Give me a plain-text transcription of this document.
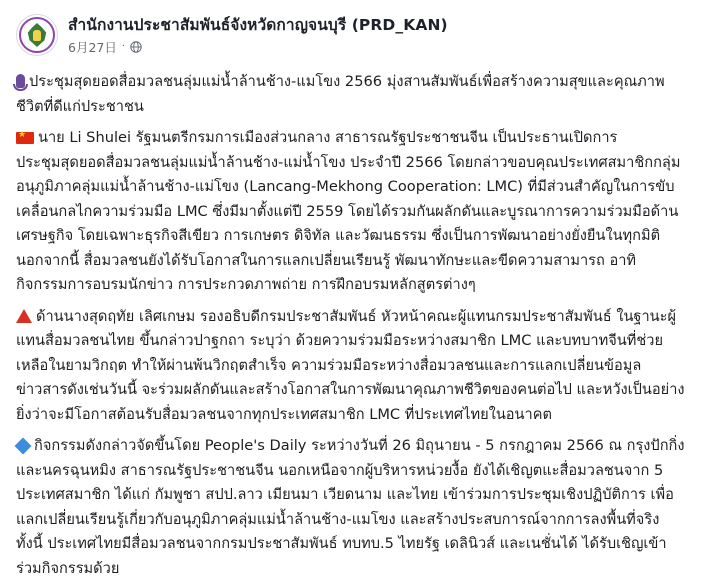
สำนักงานประชาสัมพันธ์จังหวัดกาญจนบุรี (PRD_KAN)
6月27日 ·

ประชุมสุดยอดสื่อมวลชนลุ่มแม่น้ำล้านช้าง-แมโขง 2566 มุ่งสานสัมพันธ์เพื่อสร้างความสุขและคุณภาพชีวิตที่ดีแก่ประชาชน

★นาย Li Shulei รัฐมนตรีกรมการเมืองส่วนกลาง สาธารณรัฐประชาชนจีน เป็นประธานเปิดการประชุมสุดยอดสื่อมวลชนลุ่มแม่น้ำล้านช้าง-แม่น้ำโขง ประจำปี 2566 โดยกล่าวขอบคุณประเทศสมาชิกกลุ่มอนุภูมิภาคลุ่มแม่น้ำล้านช้าง-แม่โขง (Lancang-Mekhong Cooperation: LMC) ที่มีส่วนสำคัญในการขับเคลื่อนกลไกความร่วมมือ LMC ซึ่งมีมาตั้งแต่ปี 2559 โดยได้รวมกันผลักดันและบูรณาการความร่วมมือด้านเศรษฐกิจ โดยเฉพาะธุรกิจสีเขียว การเกษตร ดิจิทัล และวัฒนธรรม ซึ่งเป็นการพัฒนาอย่างยั่งยืนในทุกมิติ นอกจากนี้ สื่อมวลชนยังได้รับโอกาสในการแลกเปลี่ยนเรียนรู้ พัฒนาทักษะและขีดความสามารถ อาทิ กิจกรรมการอบรมนักข่าว การประกวดภาพถ่าย การฝึกอบรมหลักสูตรต่างๆ

ด้านนางสุดฤทัย เลิศเกษม รองอธิบดีกรมประชาสัมพันธ์ หัวหน้าคณะผู้แทนกรมประชาสัมพันธ์ ในฐานะผู้แทนสื่อมวลชนไทย ขึ้นกล่าวปาฐกถา ระบุว่า ด้วยความร่วมมือระหว่างสมาชิก LMC และบทบาทจีนที่ช่วยเหลือในยามวิกฤต ทำให้ผ่านพ้นวิกฤตสำเร็จ ความร่วมมือระหว่างสื่อมวลชนและการแลกเปลี่ยนข้อมูลข่าวสารดังเช่นวันนี้ จะร่วมผลักดันและสร้างโอกาสในการพัฒนาคุณภาพชีวิตของคนต่อไป และหวังเป็นอย่างยิ่งว่าจะมีโอกาสต้อนรับสื่อมวลชนจากทุกประเทศสมาชิก LMC ที่ประเทศไทยในอนาคต

กิจกรรมดังกล่าวจัดขึ้นโดย People's Daily ระหว่างวันที่ 26 มิถุนายน - 5 กรกฎาคม 2566 ณ กรุงปักกิ่ง และนครฉุนหมิง สาธารณรัฐประชาชนจีน นอกเหนือจากผู้บริหารหน่วยงื้อ ยังได้เชิญตแะสื่อมวลชนจาก 5 ประเทศสมาชิก ได้แก่ กัมพูชา สปป.ลาว เมียนมา เวียดนาม และไทย เข้าร่วมการประชุมเชิงปฏิบัติการ เพื่อแลกเปลี่ยนเรียนรู้เกี่ยวกับอนุภูมิภาคลุ่มแม่น้ำล้านช้าง-แมโขง และสร้างประสบการณ์จากการลงพื้นที่จริง ทั้งนี้ ประเทศไทยมีสื่อมวลชนจากกรมประชาสัมพันธ์ ทบทบ.5 ไทยรัฐ เดลินิวส์ และเนชั่นได้ ได้รับเชิญเข้าร่วมกิจกรรมด้วย
